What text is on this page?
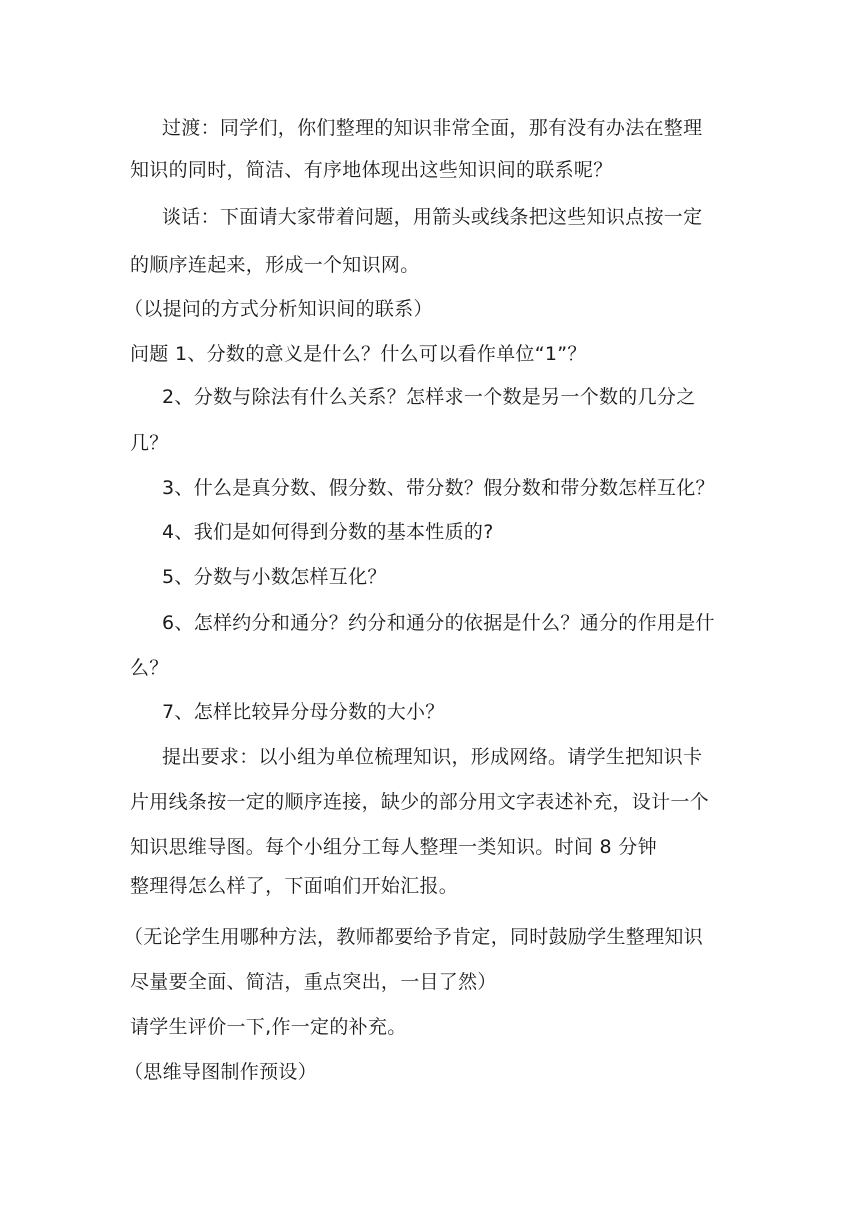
过渡：同学们，你们整理的知识非常全面，那有没有办法在整理
知识的同时，简洁、有序地体现出这些知识间的联系呢？
谈话：下面请大家带着问题，用箭头或线条把这些知识点按一定
的顺序连起来，形成一个知识网。
（以提问的方式分析知识间的联系）
问题 1、分数的意义是什么？什么可以看作单位“1”？
2、分数与除法有什么关系？怎样求一个数是另一个数的几分之
几？
3、什么是真分数、假分数、带分数？假分数和带分数怎样互化？
4、我们是如何得到分数的基本性质的?
5、分数与小数怎样互化？
6、怎样约分和通分？约分和通分的依据是什么？通分的作用是什
么？
7、怎样比较异分母分数的大小？
提出要求：以小组为单位梳理知识，形成网络。请学生把知识卡
片用线条按一定的顺序连接，缺少的部分用文字表述补充，设计一个
知识思维导图。每个小组分工每人整理一类知识。时间 8 分钟
整理得怎么样了，下面咱们开始汇报。
（无论学生用哪种方法，教师都要给予肯定，同时鼓励学生整理知识
尽量要全面、简洁，重点突出，一目了然）
请学生评价一下,作一定的补充。
（思维导图制作预设）
